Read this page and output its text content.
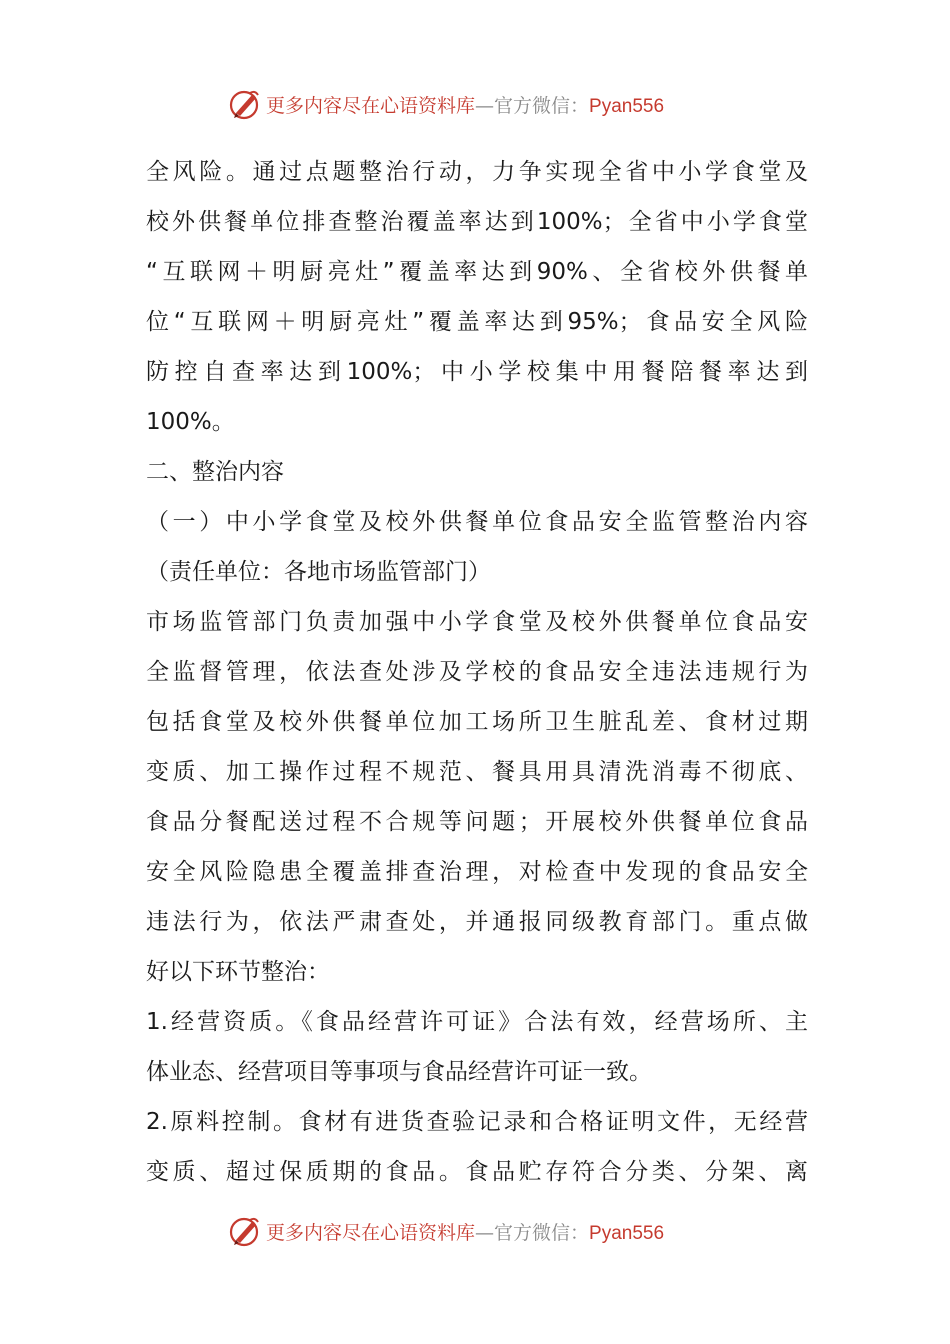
更多内容尽在心语资料库—官方微信：Pyan556
全风险。通过点题整治行动，力争实现全省中小学食堂及
校外供餐单位排查整治覆盖率达到100%；全省中小学食堂
“互联网＋明厨亮灶”覆盖率达到90%、全省校外供餐单
位“互联网＋明厨亮灶”覆盖率达到95%；食品安全风险
防控自查率达到100%；中小学校集中用餐陪餐率达到
100%。
二、整治内容
（一）中小学食堂及校外供餐单位食品安全监管整治内容
（责任单位：各地市场监管部门）
市场监管部门负责加强中小学食堂及校外供餐单位食品安
全监督管理，依法查处涉及学校的食品安全违法违规行为
包括食堂及校外供餐单位加工场所卫生脏乱差、食材过期
变质、加工操作过程不规范、餐具用具清洗消毒不彻底、
食品分餐配送过程不合规等问题；开展校外供餐单位食品
安全风险隐患全覆盖排查治理，对检查中发现的食品安全
违法行为，依法严肃查处，并通报同级教育部门。重点做
好以下环节整治：
1.经营资质。《食品经营许可证》合法有效，经营场所、主
体业态、经营项目等事项与食品经营许可证一致。
2.原料控制。食材有进货查验记录和合格证明文件，无经营
变质、超过保质期的食品。食品贮存符合分类、分架、离
更多内容尽在心语资料库—官方微信：Pyan556
